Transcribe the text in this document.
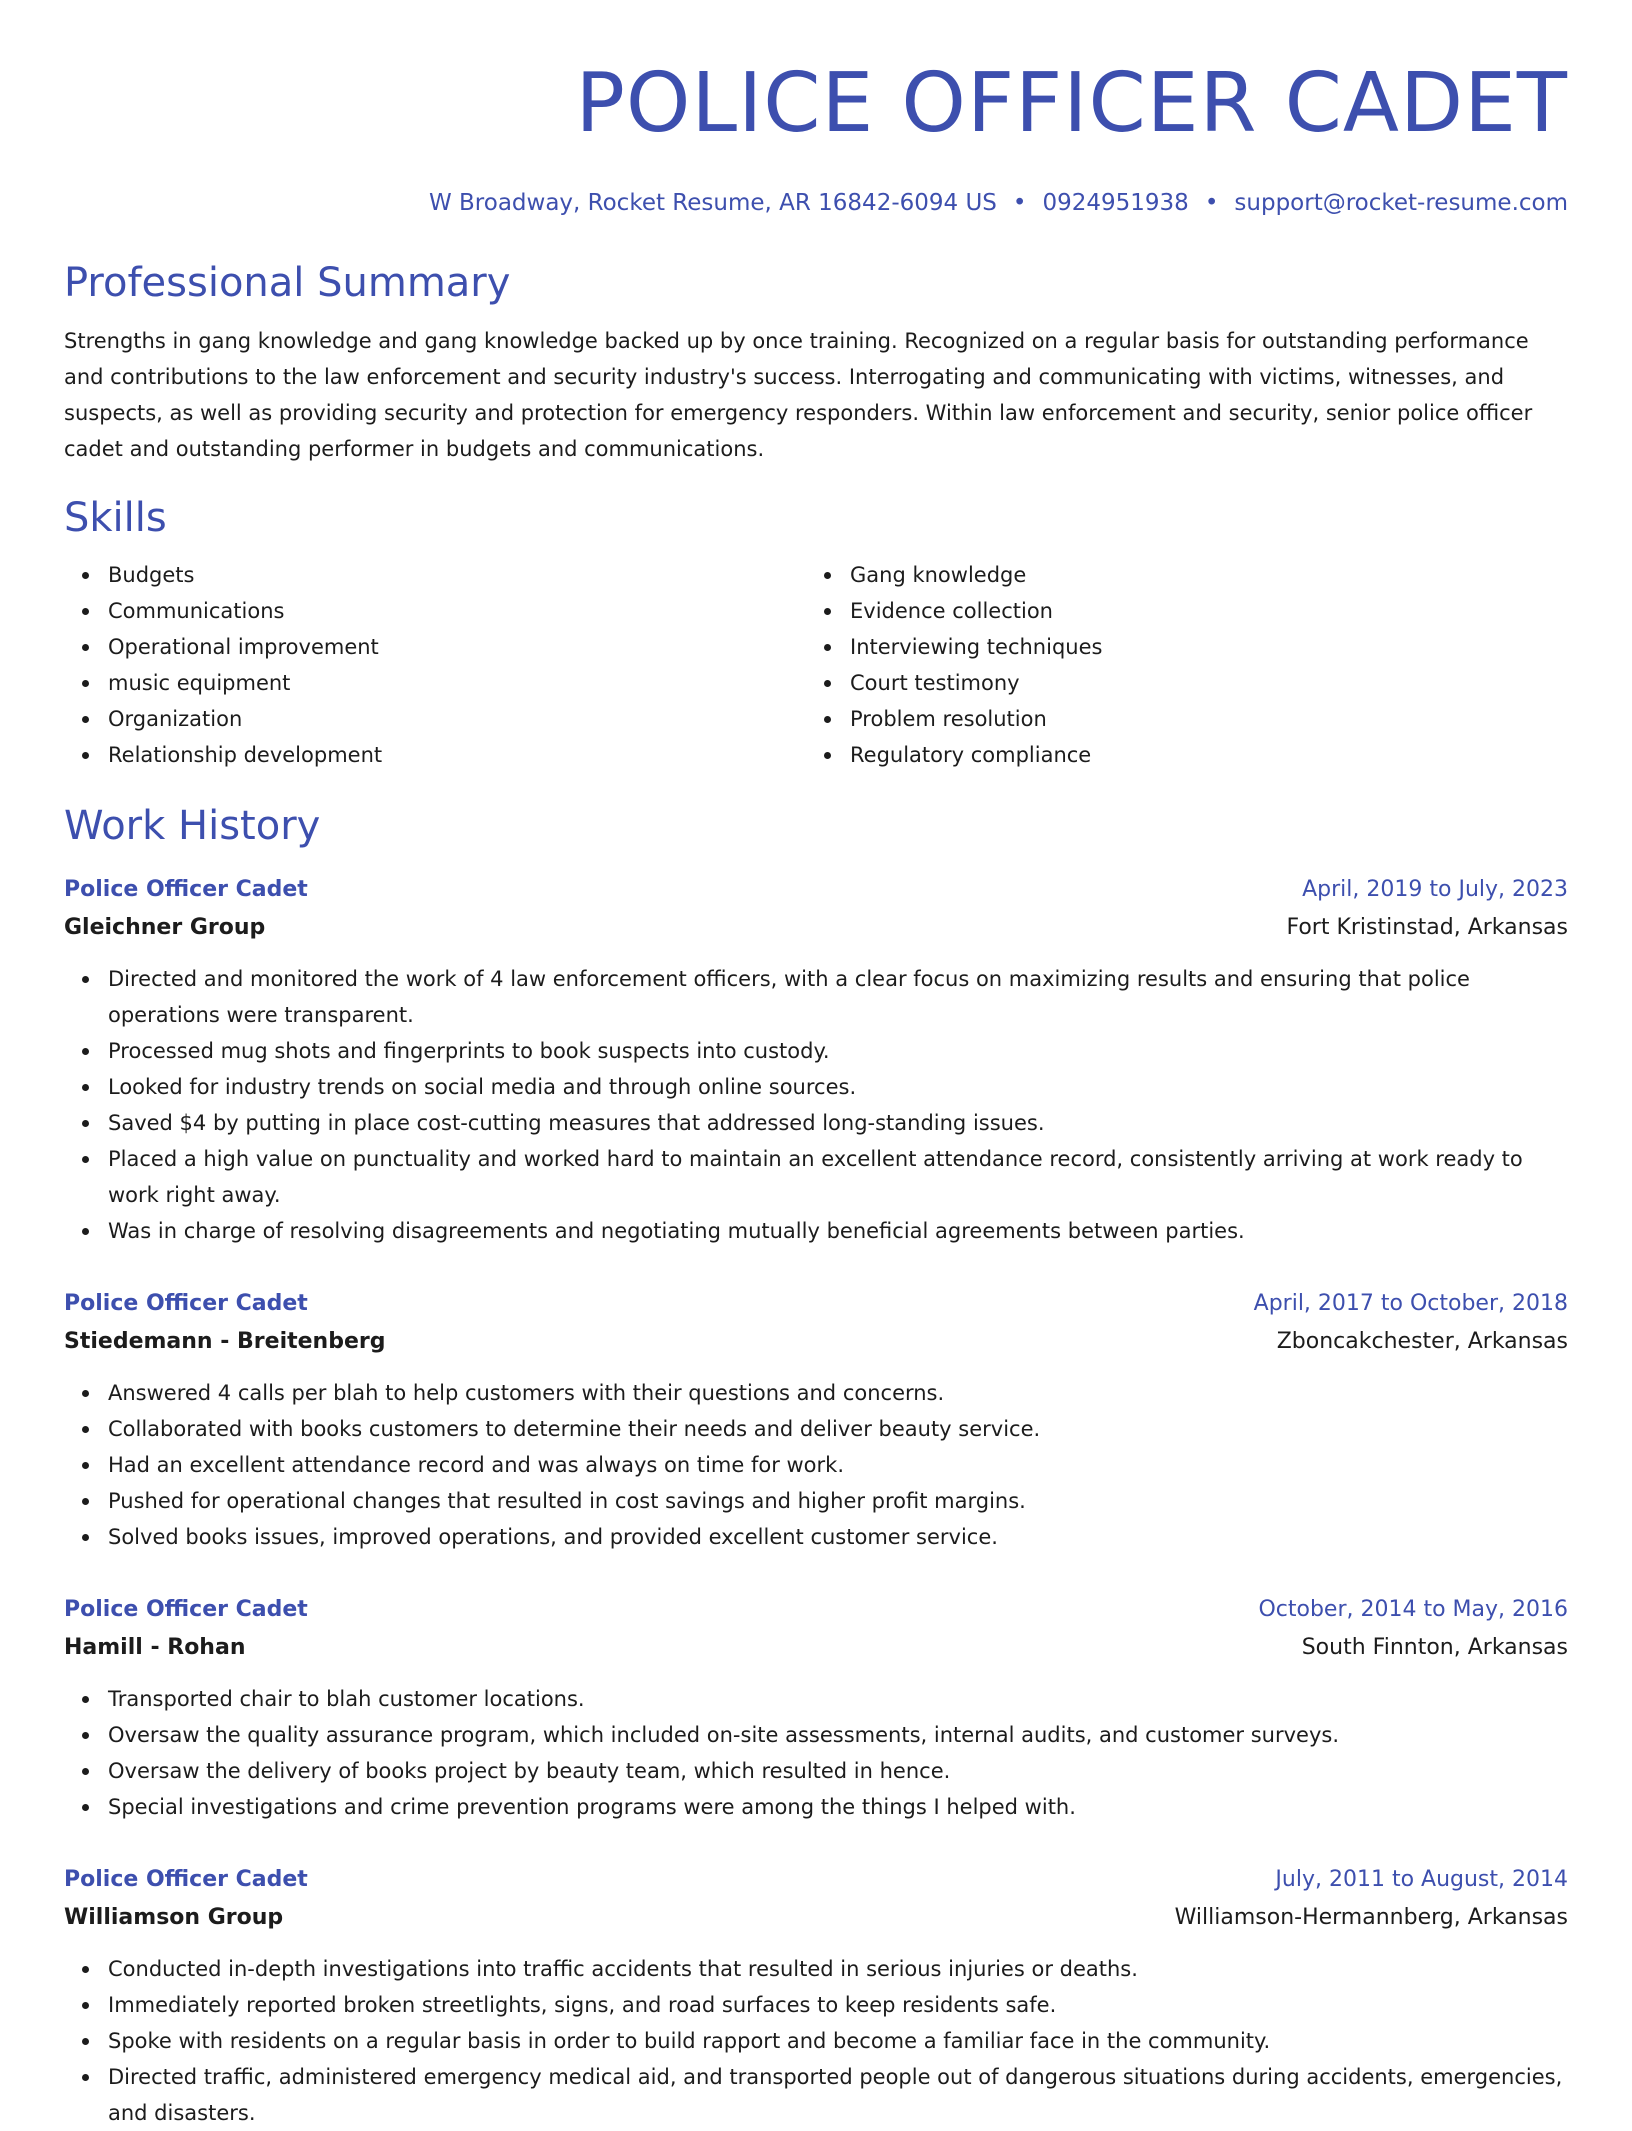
POLICE OFFICER CADET
W Broadway, Rocket Resume, AR 16842-6094 US • 0924951938 • support@rocket-resume.com
Professional Summary
Strengths in gang knowledge and gang knowledge backed up by once training. Recognized on a regular basis for outstanding performance and contributions to the law enforcement and security industry's success. Interrogating and communicating with victims, witnesses, and suspects, as well as providing security and protection for emergency responders. Within law enforcement and security, senior police officer cadet and outstanding performer in budgets and communications.
Skills
Budgets
Communications
Operational improvement
music equipment
Organization
Relationship development
Gang knowledge
Evidence collection
Interviewing techniques
Court testimony
Problem resolution
Regulatory compliance
Work History
Police Officer Cadet	April, 2019 to July, 2023
Gleichner Group	Fort Kristinstad, Arkansas
Directed and monitored the work of 4 law enforcement officers, with a clear focus on maximizing results and ensuring that police operations were transparent.
Processed mug shots and fingerprints to book suspects into custody.
Looked for industry trends on social media and through online sources.
Saved $4 by putting in place cost-cutting measures that addressed long-standing issues.
Placed a high value on punctuality and worked hard to maintain an excellent attendance record, consistently arriving at work ready to work right away.
Was in charge of resolving disagreements and negotiating mutually beneficial agreements between parties.
Police Officer Cadet	April, 2017 to October, 2018
Stiedemann - Breitenberg	Zboncakchester, Arkansas
Answered 4 calls per blah to help customers with their questions and concerns.
Collaborated with books customers to determine their needs and deliver beauty service.
Had an excellent attendance record and was always on time for work.
Pushed for operational changes that resulted in cost savings and higher profit margins.
Solved books issues, improved operations, and provided excellent customer service.
Police Officer Cadet	October, 2014 to May, 2016
Hamill - Rohan	South Finnton, Arkansas
Transported chair to blah customer locations.
Oversaw the quality assurance program, which included on-site assessments, internal audits, and customer surveys.
Oversaw the delivery of books project by beauty team, which resulted in hence.
Special investigations and crime prevention programs were among the things I helped with.
Police Officer Cadet	July, 2011 to August, 2014
Williamson Group	Williamson-Hermannberg, Arkansas
Conducted in-depth investigations into traffic accidents that resulted in serious injuries or deaths.
Immediately reported broken streetlights, signs, and road surfaces to keep residents safe.
Spoke with residents on a regular basis in order to build rapport and become a familiar face in the community.
Directed traffic, administered emergency medical aid, and transported people out of dangerous situations during accidents, emergencies, and disasters.
